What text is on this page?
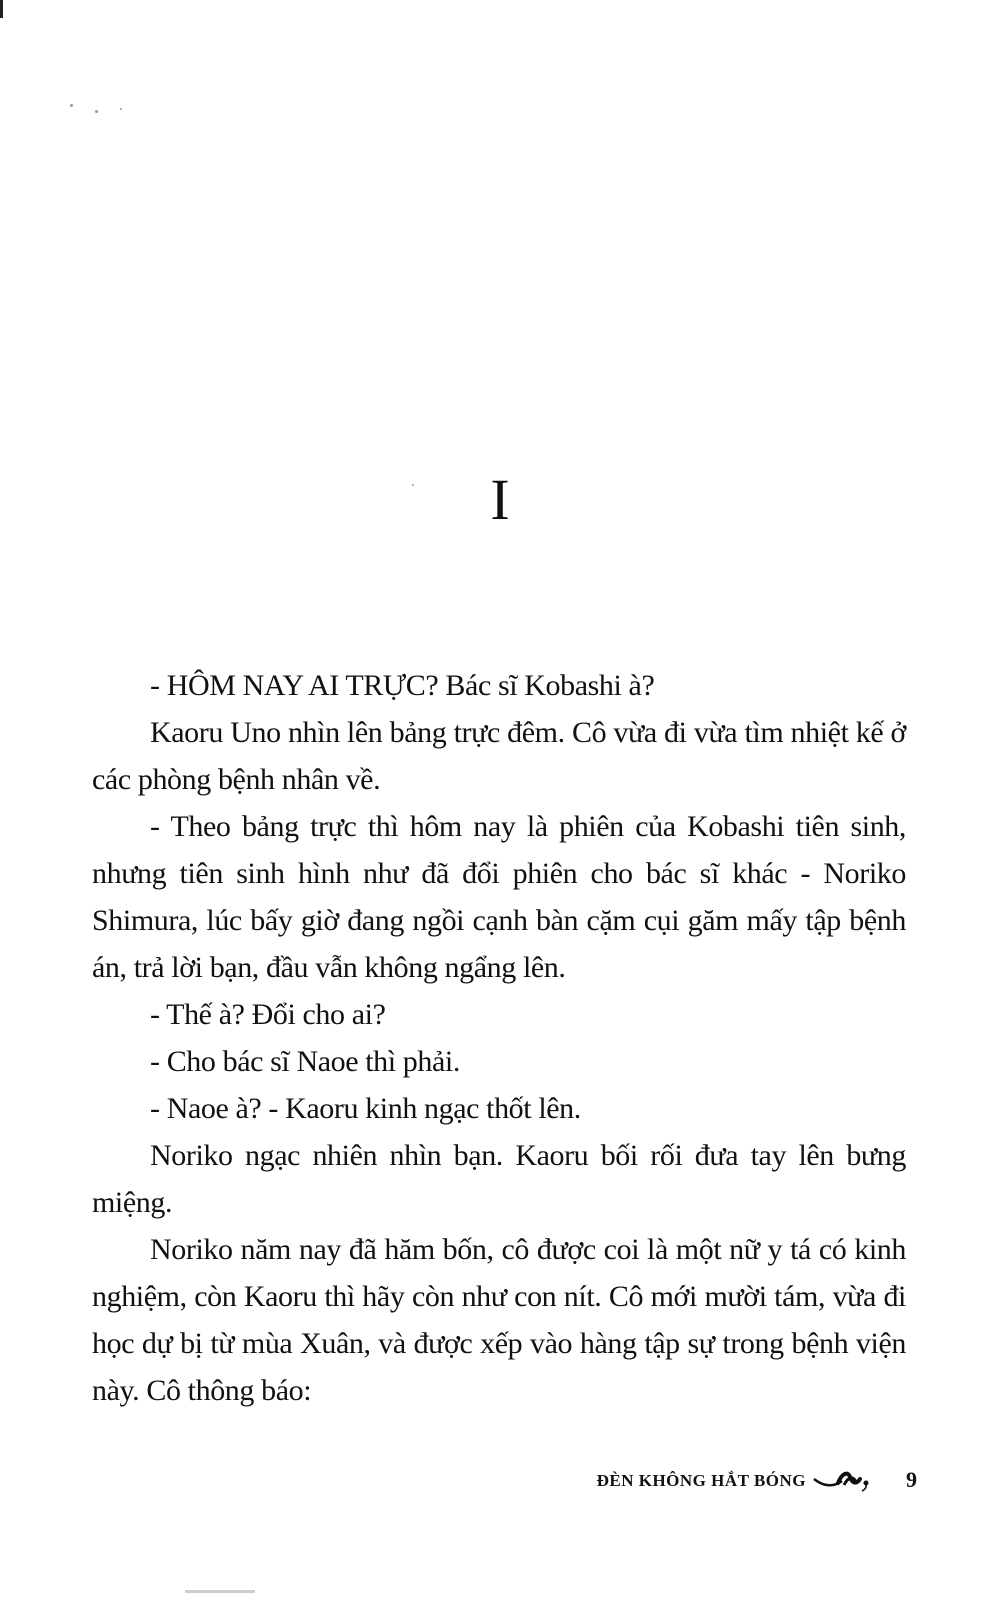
I

- HÔM NAY AI TRỰC? Bác sĩ Kobashi à?

Kaoru Uno nhìn lên bảng trực đêm. Cô vừa đi vừa tìm nhiệt kế ở các phòng bệnh nhân về.

- Theo bảng trực thì hôm nay là phiên của Kobashi tiên sinh, nhưng tiên sinh hình như đã đổi phiên cho bác sĩ khác - Noriko Shimura, lúc bấy giờ đang ngồi cạnh bàn cặm cụi găm mấy tập bệnh án, trả lời bạn, đầu vẫn không ngẩng lên.

- Thế à? Đổi cho ai?

- Cho bác sĩ Naoe thì phải.

- Naoe à? - Kaoru kinh ngạc thốt lên.

Noriko ngạc nhiên nhìn bạn. Kaoru bối rối đưa tay lên bưng miệng.

Noriko năm nay đã hăm bốn, cô được coi là một nữ y tá có kinh nghiệm, còn Kaoru thì hãy còn như con nít. Cô mới mười tám, vừa đi học dự bị từ mùa Xuân, và được xếp vào hàng tập sự trong bệnh viện này. Cô thông báo:

ĐÈN KHÔNG HẮT BÓNG	9
